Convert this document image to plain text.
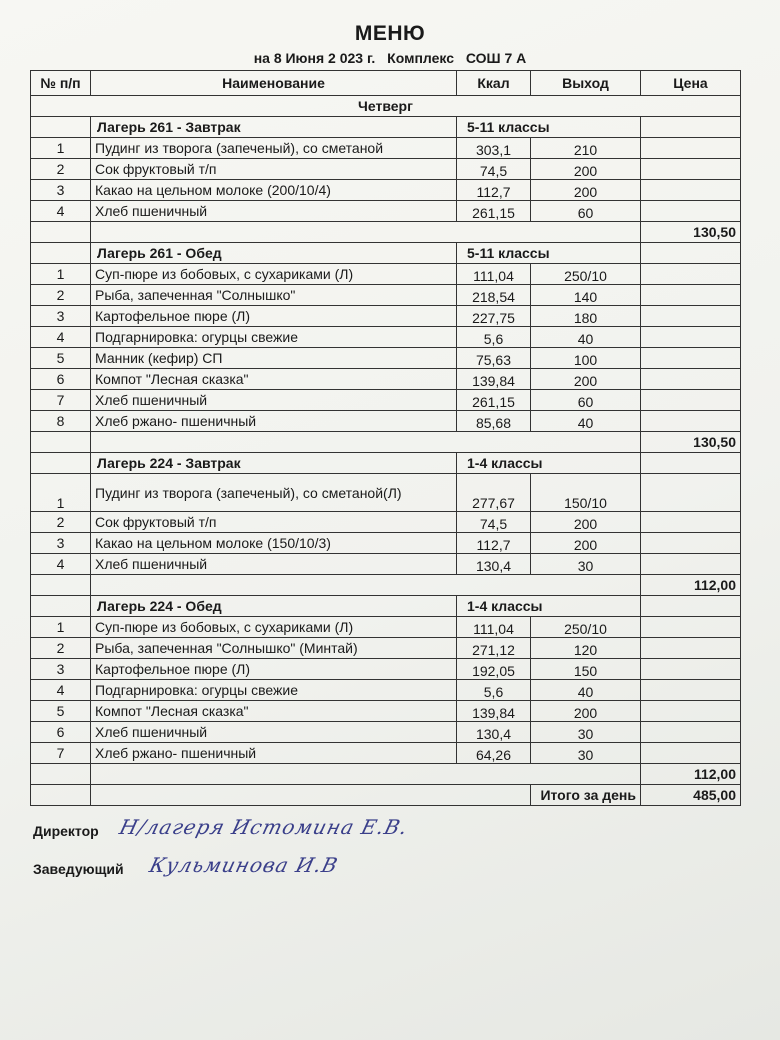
МЕНЮ
на 8 Июня 2 023 г. Комплекс СОШ 7 А
№ п/п	Наименование	Ккал	Выход	Цена
Четверг				
	Лагерь 261 - Завтрак	5-11 классы		
1	Пудинг из творога (запеченый), со сметаной	303,1	210	
2	Сок фруктовый т/п	74,5	200	
3	Какао на цельном молоке (200/10/4)	112,7	200	
4	Хлеб пшеничный	261,15	60	
				130,50
	Лагерь 261 - Обед	5-11 классы		
1	Суп-пюре из бобовых, с сухариками (Л)	111,04	250/10	
2	Рыба, запеченная "Солнышко"	218,54	140	
3	Картофельное пюре (Л)	227,75	180	
4	Подгарнировка: огурцы свежие	5,6	40	
5	Манник (кефир) СП	75,63	100	
6	Компот "Лесная сказка"	139,84	200	
7	Хлеб пшеничный	261,15	60	
8	Хлеб ржано- пшеничный	85,68	40	
				130,50
	Лагерь 224 - Завтрак	1-4 классы		
1	Пудинг из творога (запеченый), со сметаной(Л)	277,67	150/10	
2	Сок фруктовый т/п	74,5	200	
3	Какао на цельном молоке (150/10/3)	112,7	200	
4	Хлеб пшеничный	130,4	30	
				112,00
	Лагерь 224 - Обед	1-4 классы		
1	Суп-пюре из бобовых, с сухариками (Л)	111,04	250/10	
2	Рыба, запеченная "Солнышко" (Минтай)	271,12	120	
3	Картофельное пюре (Л)	192,05	150	
4	Подгарнировка: огурцы свежие	5,6	40	
5	Компот "Лесная сказка"	139,84	200	
6	Хлеб пшеничный	130,4	30	
7	Хлеб ржано- пшеничный	64,26	30	
				112,00
			Итого за день	485,00
Директор Н/лагеря Истомина Е.В.
Заведующий Кульминова И.В
